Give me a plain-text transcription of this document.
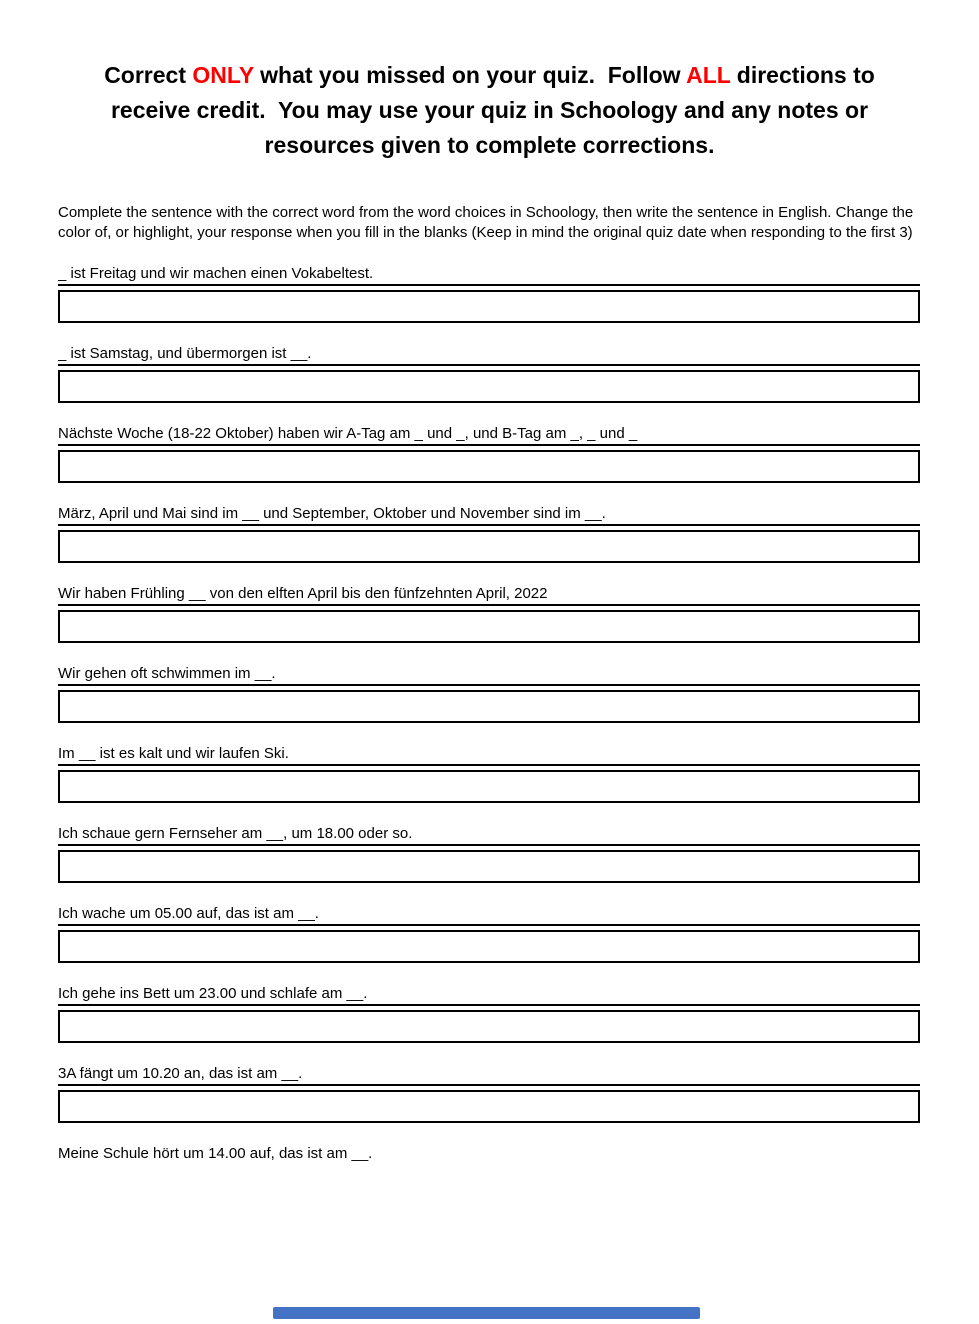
Correct ONLY what you missed on your quiz.  Follow ALL directions to
receive credit.  You may use your quiz in Schoology and any notes or
resources given to complete corrections.

Complete the sentence with the correct word from the word choices in Schoology, then write the sentence in English. Change the color of, or highlight, your response when you fill in the blanks (Keep in mind the original quiz date when responding to the first 3)

_ ist Freitag und wir machen einen Vokabeltest.
_ ist Samstag, und übermorgen ist __.
Nächste Woche (18-22 Oktober) haben wir A-Tag am _ und _, und B-Tag am _, _ und _
März, April und Mai sind im __ und September, Oktober und November sind im __.
Wir haben Frühling __ von den elften April bis den fünfzehnten April, 2022
Wir gehen oft schwimmen im __.
Im __ ist es kalt und wir laufen Ski.
Ich schaue gern Fernseher am __, um 18.00 oder so.
Ich wache um 05.00 auf, das ist am __.
Ich gehe ins Bett um 23.00 und schlafe am __.
3A fängt um 10.20 an, das ist am __.
Meine Schule hört um 14.00 auf, das ist am __.
